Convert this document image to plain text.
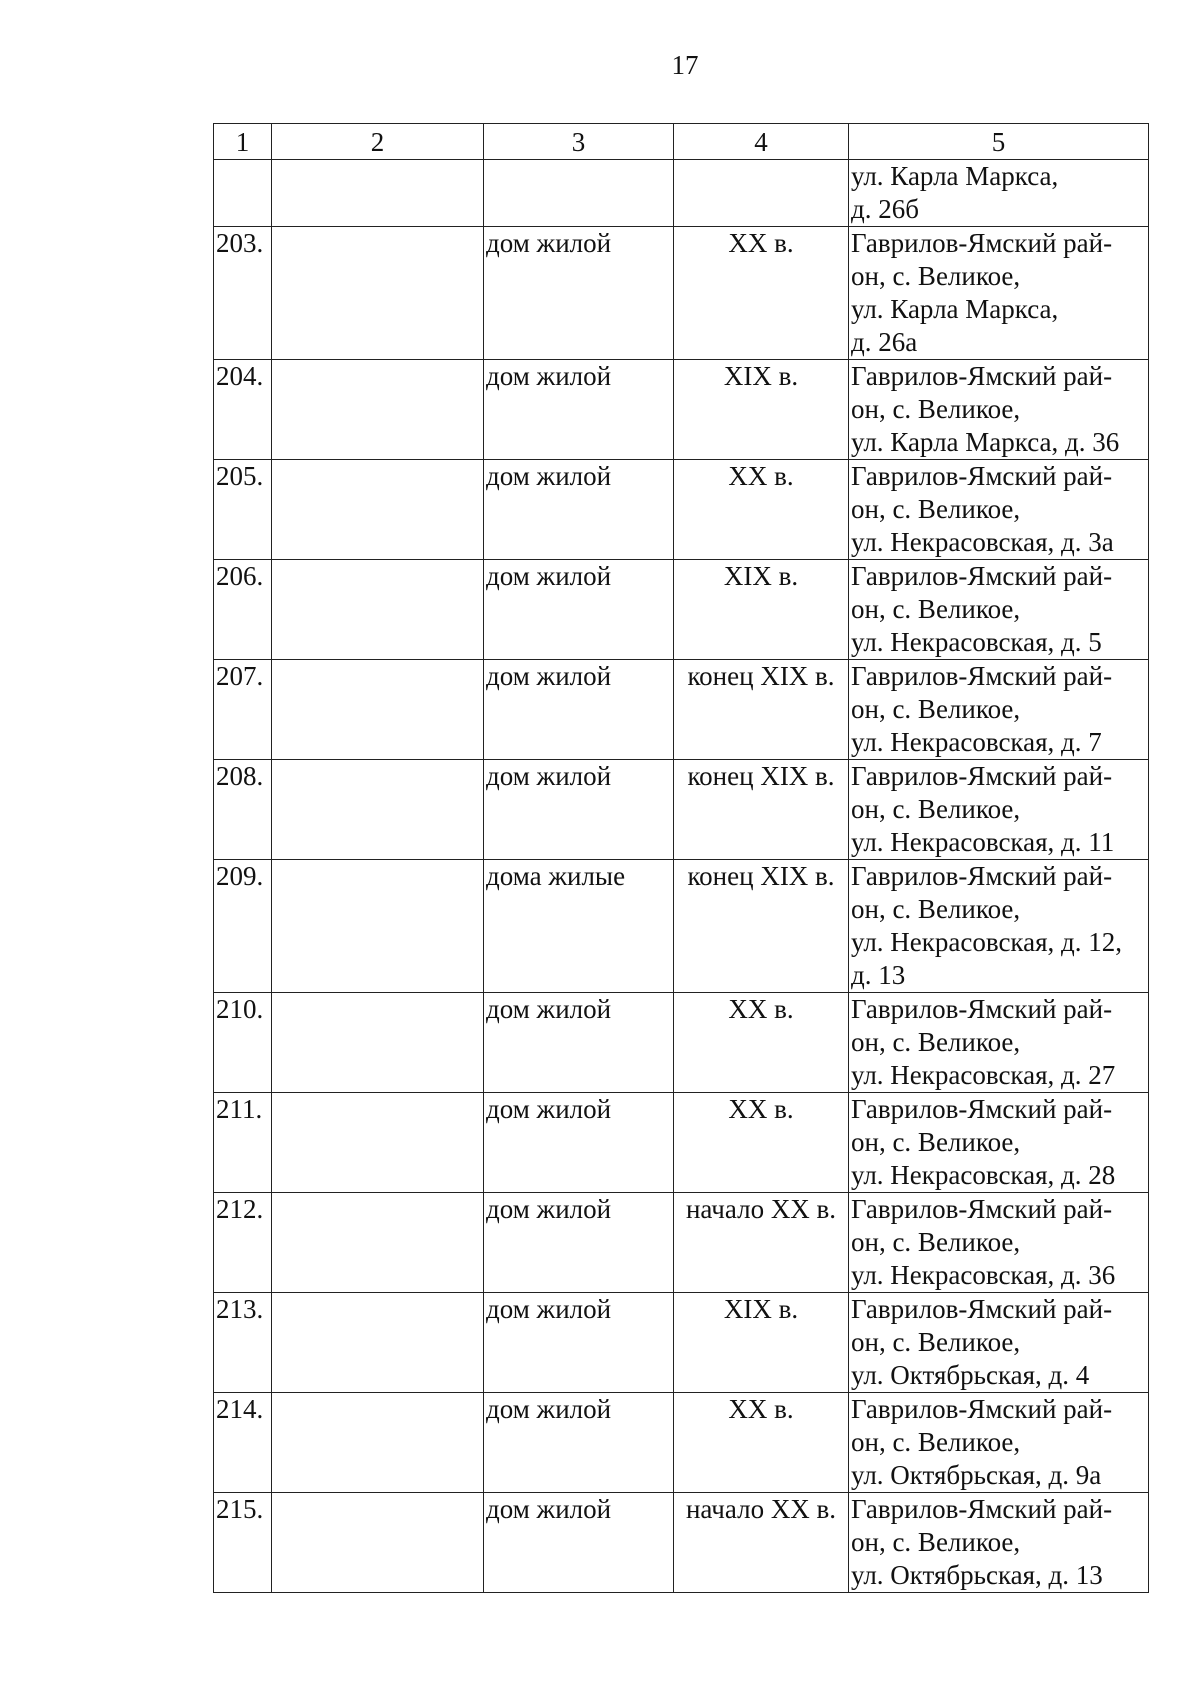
17
1	2	3	4	5

				ул. Карла Маркса,
д. 26б

203.		дом жилой	XX в.	Гаврилов-Ямский рай-
он, с. Великое,
ул. Карла Маркса,
д. 26а

204.		дом жилой	XIX в.	Гаврилов-Ямский рай-
он, с. Великое,
ул. Карла Маркса, д. 36

205.		дом жилой	XX в.	Гаврилов-Ямский рай-
он, с. Великое,
ул. Некрасовская, д. 3а

206.		дом жилой	XIX в.	Гаврилов-Ямский рай-
он, с. Великое,
ул. Некрасовская, д. 5

207.		дом жилой	конец XIX в.	Гаврилов-Ямский рай-
он, с. Великое,
ул. Некрасовская, д. 7

208.		дом жилой	конец XIX в.	Гаврилов-Ямский рай-
он, с. Великое,
ул. Некрасовская, д. 11

209.		дома жилые	конец XIX в.	Гаврилов-Ямский рай-
он, с. Великое,
ул. Некрасовская, д. 12,
д. 13

210.		дом жилой	XX в.	Гаврилов-Ямский рай-
он, с. Великое,
ул. Некрасовская, д. 27

211.		дом жилой	XX в.	Гаврилов-Ямский рай-
он, с. Великое,
ул. Некрасовская, д. 28

212.		дом жилой	начало XX в.	Гаврилов-Ямский рай-
он, с. Великое,
ул. Некрасовская, д. 36

213.		дом жилой	XIX в.	Гаврилов-Ямский рай-
он, с. Великое,
ул. Октябрьская, д. 4

214.		дом жилой	XX в.	Гаврилов-Ямский рай-
он, с. Великое,
ул. Октябрьская, д. 9а

215.		дом жилой	начало XX в.	Гаврилов-Ямский рай-
он, с. Великое,
ул. Октябрьская, д. 13
